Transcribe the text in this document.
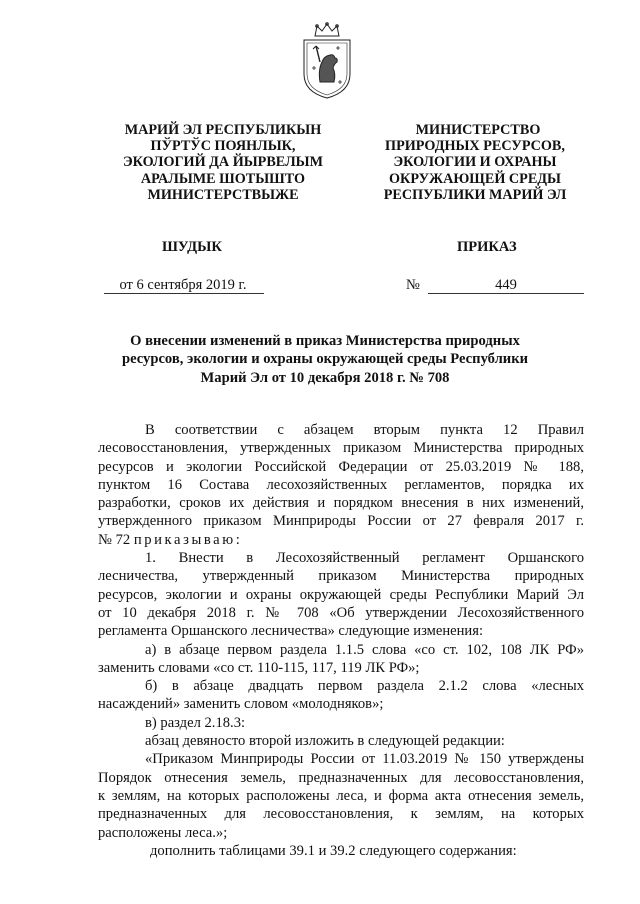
МАРИЙ ЭЛ РЕСПУБЛИКЫН
ПЎРТЎС ПОЯНЛЫК,
ЭКОЛОГИЙ ДА ЙЫРВЕЛЫМ
АРАЛЫМЕ ШОТЫШТО
МИНИСТЕРСТВЫЖЕ
МИНИСТЕРСТВО
ПРИРОДНЫХ РЕСУРСОВ,
ЭКОЛОГИИ И ОХРАНЫ
ОКРУЖАЮЩЕЙ СРЕДЫ
РЕСПУБЛИКИ МАРИЙ ЭЛ
ШУДЫК	ПРИКАЗ
от 6 сентября 2019 г.	№	449
О внесении изменений в приказ Министерства природных
ресурсов, экологии и охраны окружающей среды Республики
Марий Эл от 10 декабря 2018 г. № 708
В соответствии с абзацем вторым пункта 12 Правил
лесовосстановления, утвержденных приказом Министерства природных
ресурсов и экологии Российской Федерации от 25.03.2019 № 188,
пунктом 16 Состава лесохозяйственных регламентов, порядка их
разработки, сроков их действия и порядком внесения в них изменений,
утвержденного приказом Минприроды России от 27 февраля 2017 г.
№ 72 приказываю:
1. Внести в Лесохозяйственный регламент Оршанского
лесничества, утвержденный приказом Министерства природных
ресурсов, экологии и охраны окружающей среды Республики Марий Эл
от 10 декабря 2018 г. № 708 «Об утверждении Лесохозяйственного
регламента Оршанского лесничества» следующие изменения:
а) в абзаце первом раздела 1.1.5 слова «со ст. 102, 108 ЛК РФ»
заменить словами «со ст. 110-115, 117, 119 ЛК РФ»;
б) в абзаце двадцать первом раздела 2.1.2 слова «лесных
насаждений» заменить словом «молодняков»;
в) раздел 2.18.3:
абзац девяносто второй изложить в следующей редакции:
«Приказом Минприроды России от 11.03.2019 № 150 утверждены
Порядок отнесения земель, предназначенных для лесовосстановления,
к землям, на которых расположены леса, и форма акта отнесения земель,
предназначенных для лесовосстановления, к землям, на которых
расположены леса.»;
дополнить таблицами 39.1 и 39.2 следующего содержания:
